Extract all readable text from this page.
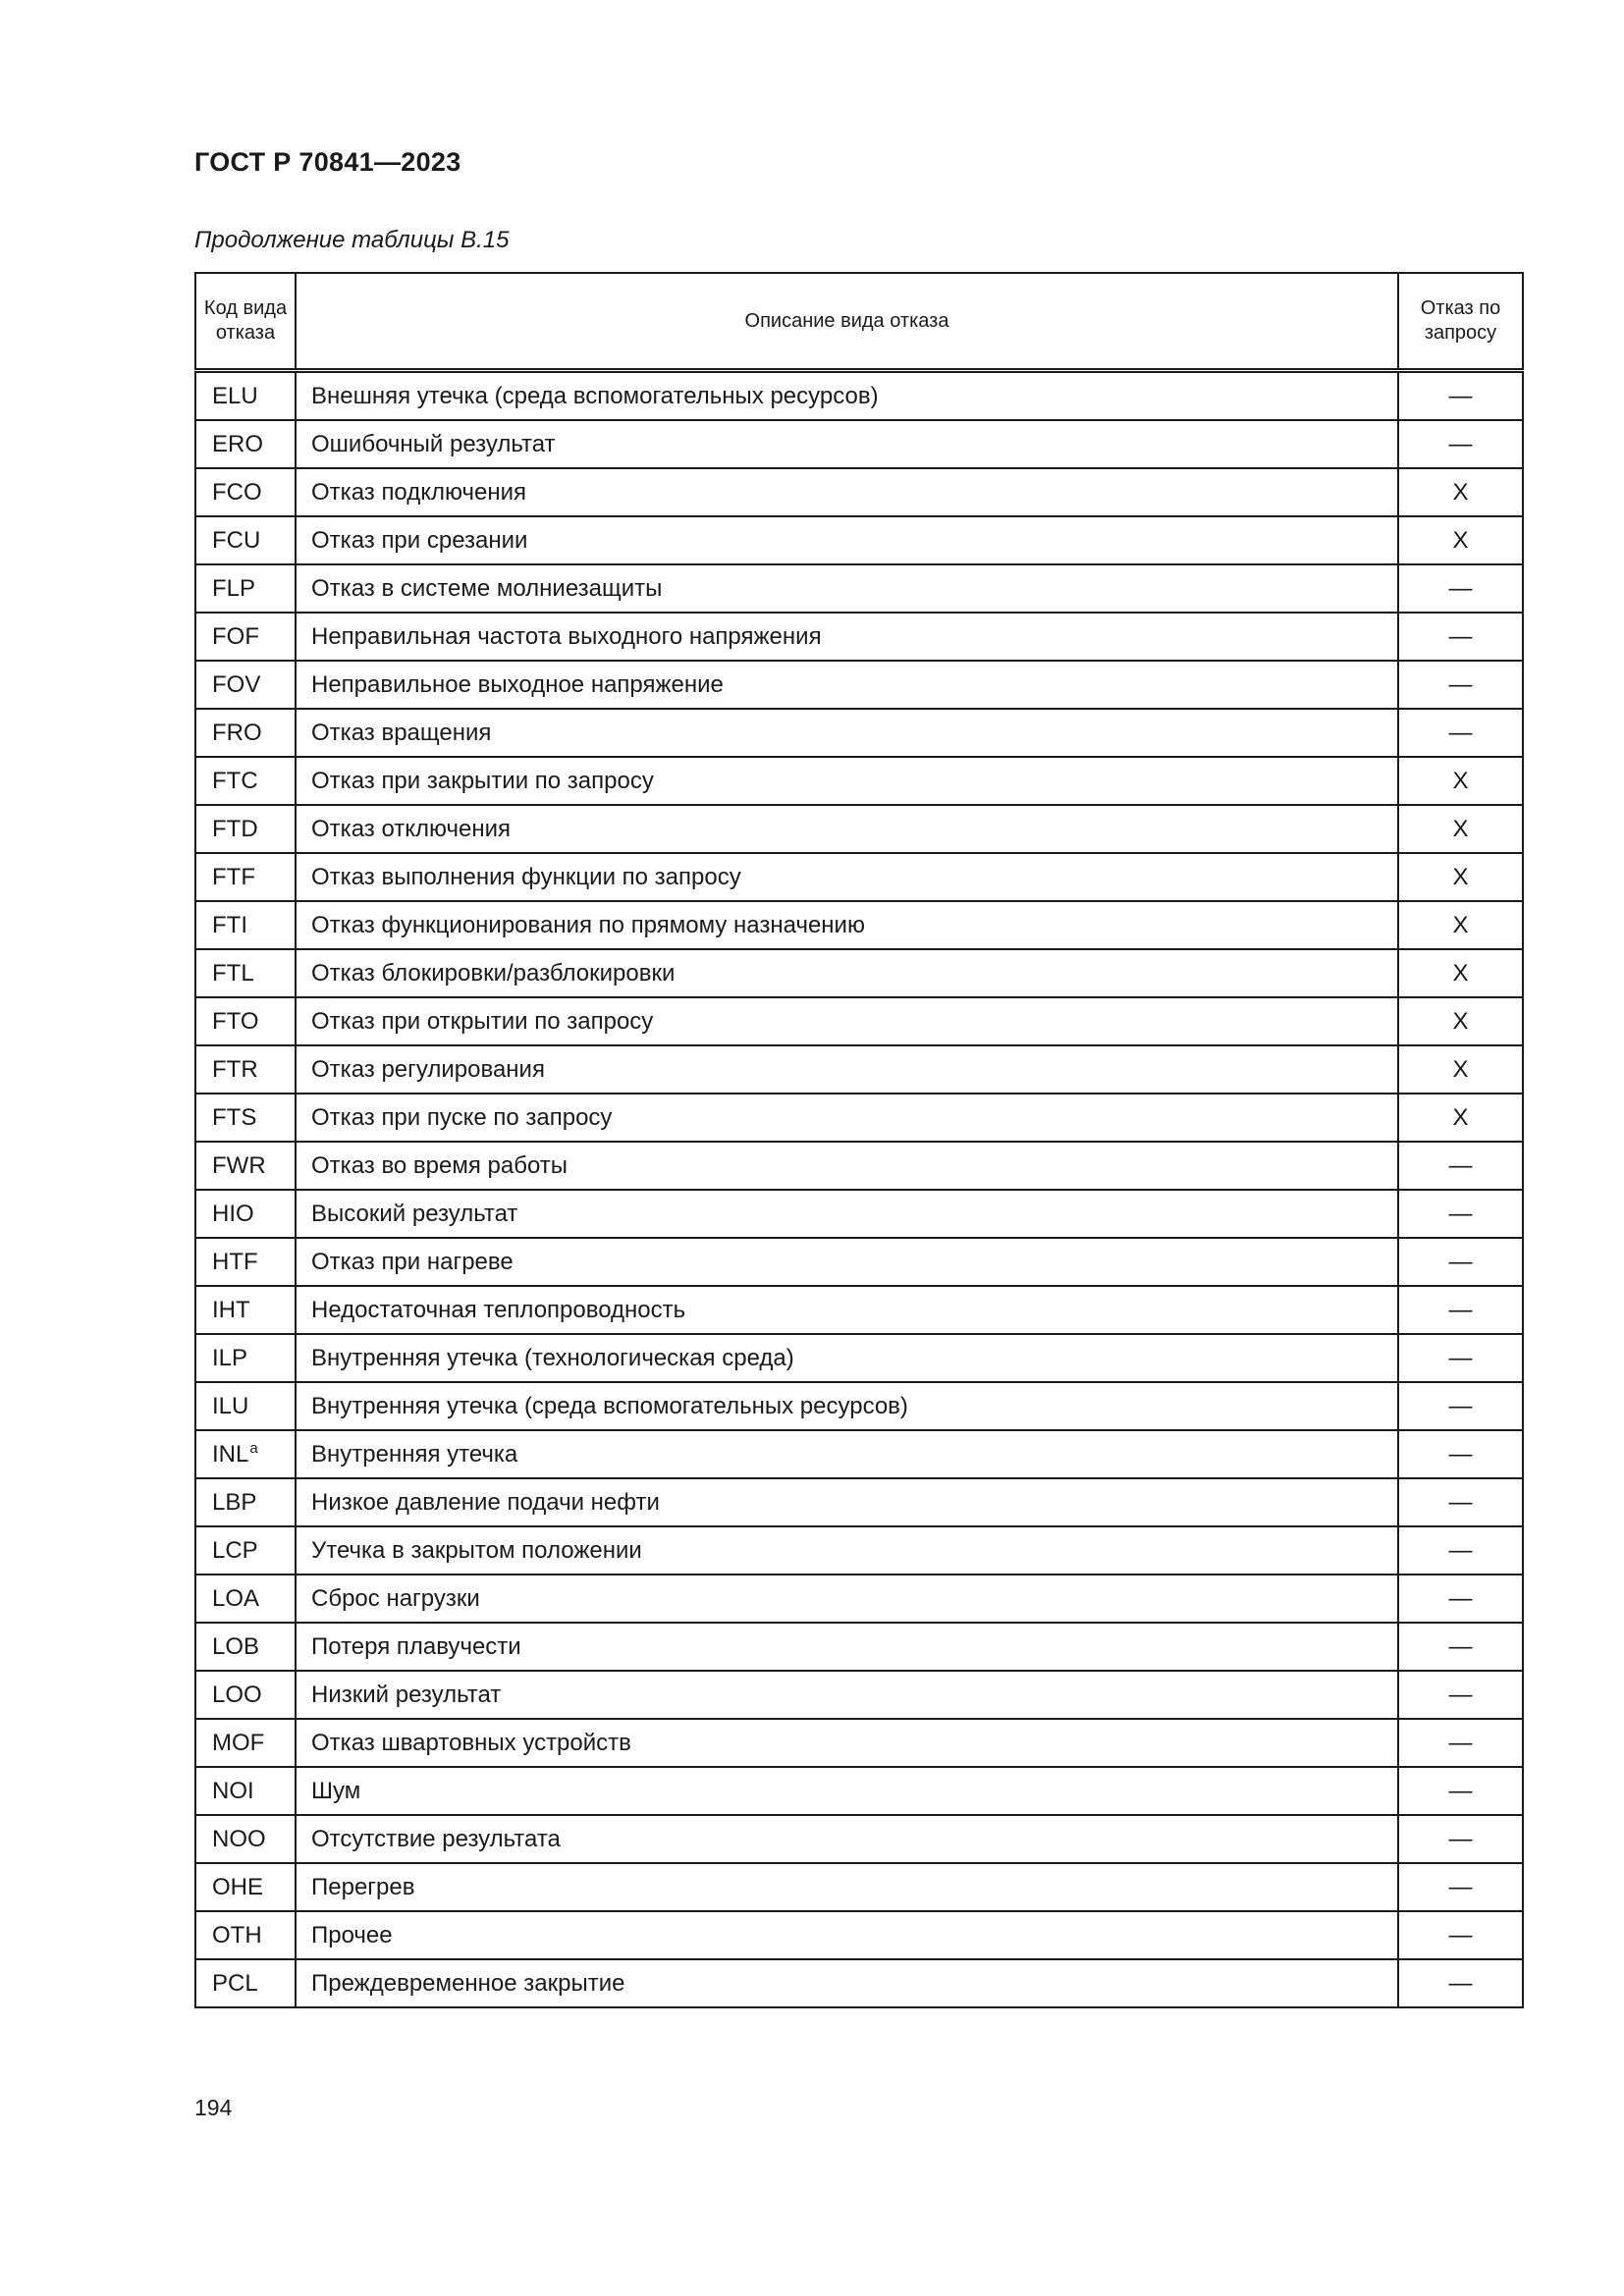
ГОСТ Р 70841—2023
Продолжение таблицы В.15
Код вида отказа	Описание вида отказа	Отказ по запросу
ELU	Внешняя утечка (среда вспомогательных ресурсов)	—
ERO	Ошибочный результат	—
FCO	Отказ подключения	X
FCU	Отказ при срезании	X
FLP	Отказ в системе молниезащиты	—
FOF	Неправильная частота выходного напряжения	—
FOV	Неправильное выходное напряжение	—
FRO	Отказ вращения	—
FTC	Отказ при закрытии по запросу	X
FTD	Отказ отключения	X
FTF	Отказ выполнения функции по запросу	X
FTI	Отказ функционирования по прямому назначению	X
FTL	Отказ блокировки/разблокировки	X
FTO	Отказ при открытии по запросу	X
FTR	Отказ регулирования	X
FTS	Отказ при пуске по запросу	X
FWR	Отказ во время работы	—
HIO	Высокий результат	—
HTF	Отказ при нагреве	—
IHT	Недостаточная теплопроводность	—
ILP	Внутренняя утечка (технологическая среда)	—
ILU	Внутренняя утечка (среда вспомогательных ресурсов)	—
INL$^a$	Внутренняя утечка	—
LBP	Низкое давление подачи нефти	—
LCP	Утечка в закрытом положении	—
LOA	Сброс нагрузки	—
LOB	Потеря плавучести	—
LOO	Низкий результат	—
MOF	Отказ швартовных устройств	—
NOI	Шум	—
NOO	Отсутствие результата	—
OHE	Перегрев	—
OTH	Прочее	—
PCL	Преждевременное закрытие	—
194
